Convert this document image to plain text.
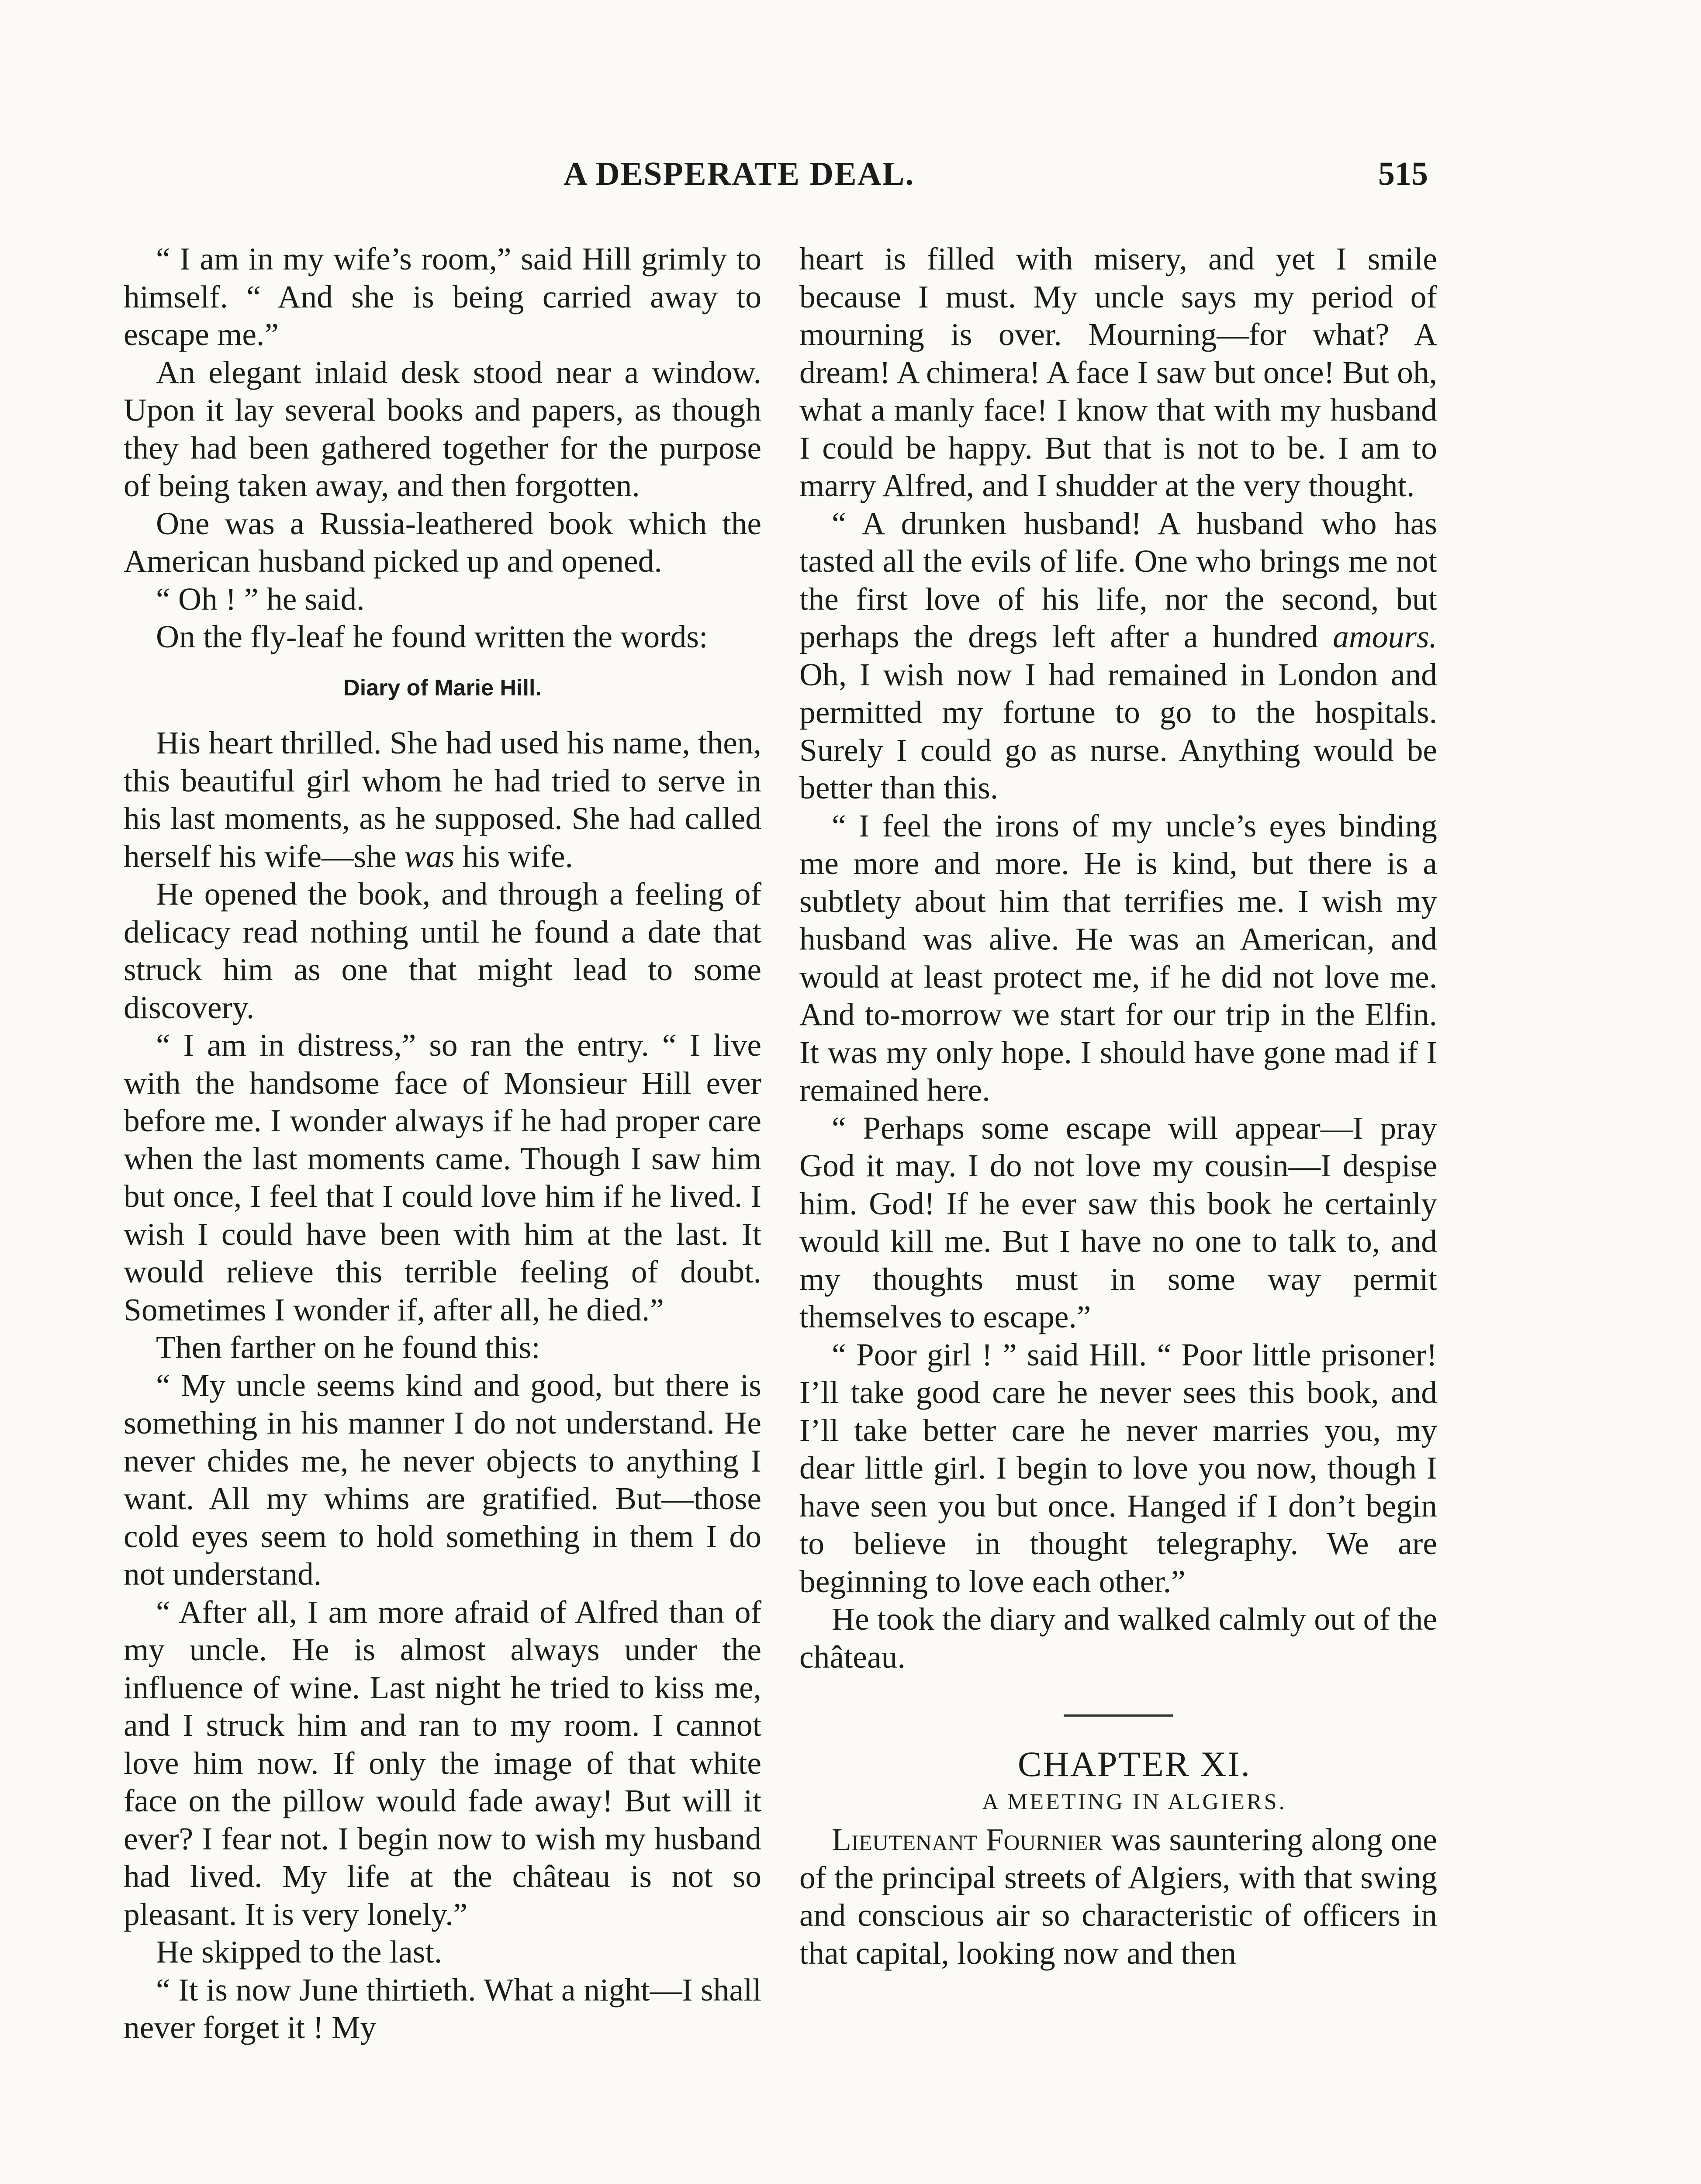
A DESPERATE DEAL.	515

“ I am in my wife’s room,” said Hill grimly to himself. “ And she is being carried away to escape me.”

An elegant inlaid desk stood near a window. Upon it lay several books and papers, as though they had been gathered together for the purpose of being taken away, and then forgotten.

One was a Russia-leathered book which the American husband picked up and opened.

“ Oh ! ” he said.

On the fly-leaf he found written the words:

Diary of Marie Hill.

His heart thrilled. She had used his name, then, this beautiful girl whom he had tried to serve in his last moments, as he supposed. She had called herself his wife—she was his wife.

He opened the book, and through a feeling of delicacy read nothing until he found a date that struck him as one that might lead to some discovery.

“ I am in distress,” so ran the entry. “ I live with the handsome face of Monsieur Hill ever before me. I wonder always if he had proper care when the last moments came. Though I saw him but once, I feel that I could love him if he lived. I wish I could have been with him at the last. It would relieve this terrible feeling of doubt. Sometimes I wonder if, after all, he died.”

Then farther on he found this:

“ My uncle seems kind and good, but there is something in his manner I do not understand. He never chides me, he never objects to anything I want. All my whims are gratified. But—those cold eyes seem to hold something in them I do not understand.

“ After all, I am more afraid of Alfred than of my uncle. He is almost always under the influence of wine. Last night he tried to kiss me, and I struck him and ran to my room. I cannot love him now. If only the image of that white face on the pillow would fade away! But will it ever? I fear not. I begin now to wish my husband had lived. My life at the château is not so pleasant. It is very lonely.”

He skipped to the last.

“ It is now June thirtieth. What a night—I shall never forget it ! My

heart is filled with misery, and yet I smile because I must. My uncle says my period of mourning is over. Mourning—for what? A dream! A chimera! A face I saw but once! But oh, what a manly face! I know that with my husband I could be happy. But that is not to be. I am to marry Alfred, and I shudder at the very thought.

“ A drunken husband! A husband who has tasted all the evils of life. One who brings me not the first love of his life, nor the second, but perhaps the dregs left after a hundred amours. Oh, I wish now I had remained in London and permitted my fortune to go to the hospitals. Surely I could go as nurse. Anything would be better than this.

“ I feel the irons of my uncle’s eyes binding me more and more. He is kind, but there is a subtlety about him that terrifies me. I wish my husband was alive. He was an American, and would at least protect me, if he did not love me. And to-morrow we start for our trip in the Elfin. It was my only hope. I should have gone mad if I remained here.

“ Perhaps some escape will appear—I pray God it may. I do not love my cousin—I despise him. God! If he ever saw this book he certainly would kill me. But I have no one to talk to, and my thoughts must in some way permit themselves to escape.”

“ Poor girl ! ” said Hill. “ Poor little prisoner! I’ll take good care he never sees this book, and I’ll take better care he never marries you, my dear little girl. I begin to love you now, though I have seen you but once. Hanged if I don’t begin to believe in thought telegraphy. We are beginning to love each other.”

He took the diary and walked calmly out of the château.

CHAPTER XI.

A MEETING IN ALGIERS.

Lieutenant Fournier was sauntering along one of the principal streets of Algiers, with that swing and conscious air so characteristic of officers in that capital, looking now and then
